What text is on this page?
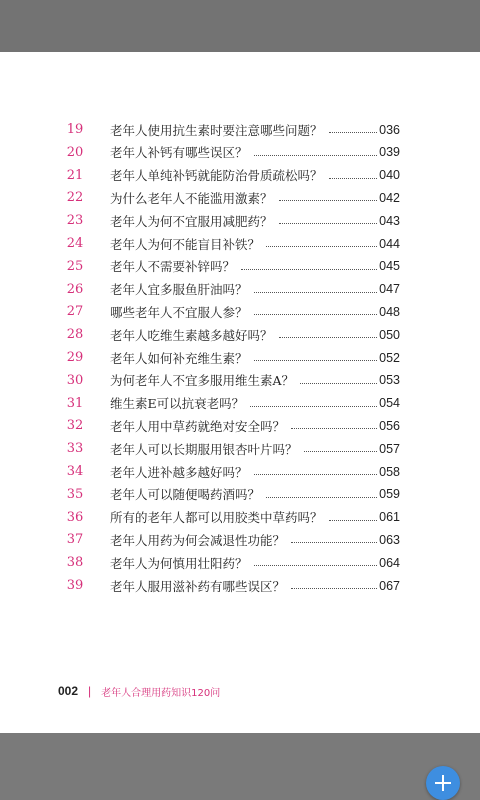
19	老年人使用抗生素时要注意哪些问题？	036
20	老年人补钙有哪些误区？	039
21	老年人单纯补钙就能防治骨质疏松吗？	040
22	为什么老年人不能滥用激素？	042
23	老年人为何不宜服用减肥药？	043
24	老年人为何不能盲目补铁？	044
25	老年人不需要补锌吗？	045
26	老年人宜多服鱼肝油吗？	047
27	哪些老年人不宜服人参？	048
28	老年人吃维生素越多越好吗？	050
29	老年人如何补充维生素？	052
30	为何老年人不宜多服用维生素A？	053
31	维生素E可以抗衰老吗？	054
32	老年人用中草药就绝对安全吗？	056
33	老年人可以长期服用银杏叶片吗？	057
34	老年人进补越多越好吗？	058
35	老年人可以随便喝药酒吗？	059
36	所有的老年人都可以用胶类中草药吗？	061
37	老年人用药为何会减退性功能？	063
38	老年人为何慎用壮阳药？	064
39	老年人服用滋补药有哪些误区？	067
002 | 老年人合理用药知识120问
